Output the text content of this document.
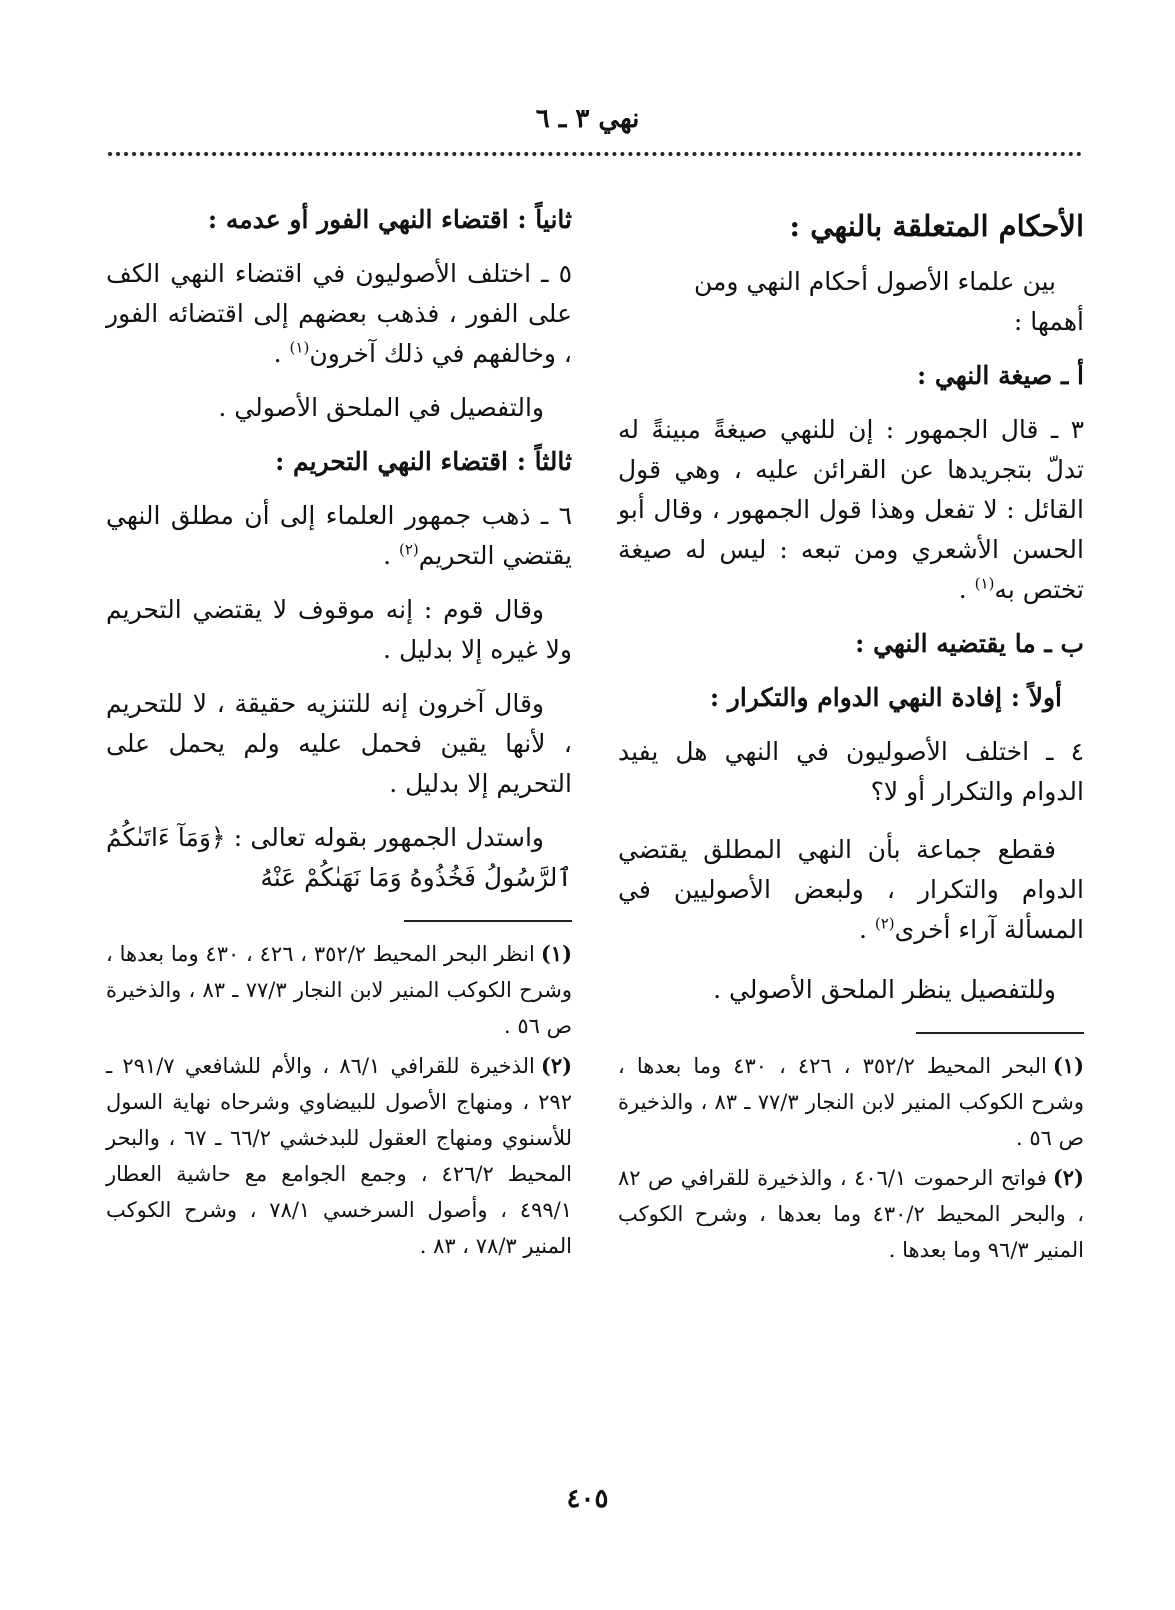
نهي ٣ ـ ٦
الأحكام المتعلقة بالنهي :
بين علماء الأصول أحكام النهي ومن
أهمها :
أ ـ صيغة النهي :
٣ ـ قال الجمهور : إن للنهي صيغةً مبينةً له تدلّ بتجريدها عن القرائن عليه ، وهي قول القائل : لا تفعل وهذا قول الجمهور ، وقال أبو الحسن الأشعري ومن تبعه : ليس له صيغة تختص به$^{(١)}$ .
ب ـ ما يقتضيه النهي :
أولاً : إفادة النهي الدوام والتكرار :
٤ ـ اختلف الأصوليون في النهي هل يفيد الدوام والتكرار أو لا؟
فقطع جماعة بأن النهي المطلق يقتضي الدوام والتكرار ، ولبعض الأصوليين في المسألة آراء أخرى$^{(٢)}$ .
وللتفصيل ينظر الملحق الأصولي .
(١)البحر المحيط ٣٥٢/٢ ، ٤٢٦ ، ٤٣٠ وما بعدها ، وشرح الكوكب المنير لابن النجار ٧٧/٣ ـ ٨٣ ، والذخيرة ص ٥٦ .
(٢)فواتح الرحموت ٤٠٦/١ ، والذخيرة للقرافي ص ٨٢ ، والبحر المحيط ٤٣٠/٢ وما بعدها ، وشرح الكوكب المنير ٩٦/٣ وما بعدها .
ثانياً : اقتضاء النهي الفور أو عدمه :
٥ ـ اختلف الأصوليون في اقتضاء النهي الكف على الفور ، فذهب بعضهم إلى اقتضائه الفور ، وخالفهم في ذلك آخرون$^{(١)}$ .
والتفصيل في الملحق الأصولي .
ثالثاً : اقتضاء النهي التحريم :
٦ ـ ذهب جمهور العلماء إلى أن مطلق النهي يقتضي التحريم$^{(٢)}$ .
وقال قوم : إنه موقوف لا يقتضي التحريم ولا غيره إلا بدليل .
وقال آخرون إنه للتنزيه حقيقة ، لا للتحريم ، لأنها يقين فحمل عليه ولم يحمل على التحريم إلا بدليل .
واستدل الجمهور بقوله تعالى : ﴿وَمَآ ءَاتَىٰكُمُ ٱلرَّسُولُ فَخُذُوهُ وَمَا نَهَىٰكُمْ عَنْهُ
(١)انظر البحر المحيط ٣٥٢/٢ ، ٤٢٦ ، ٤٣٠ وما بعدها ، وشرح الكوكب المنير لابن النجار ٧٧/٣ ـ ٨٣ ، والذخيرة ص ٥٦ .
(٢)الذخيرة للقرافي ٨٦/١ ، والأم للشافعي ٢٩١/٧ ـ ٢٩٢ ، ومنهاج الأصول للبيضاوي وشرحاه نهاية السول للأسنوي ومنهاج العقول للبدخشي ٦٦/٢ ـ ٦٧ ، والبحر المحيط ٤٢٦/٢ ، وجمع الجوامع مع حاشية العطار ٤٩٩/١ ، وأصول السرخسي ٧٨/١ ، وشرح الكوكب المنير ٧٨/٣ ، ٨٣ .
٤٠٥
